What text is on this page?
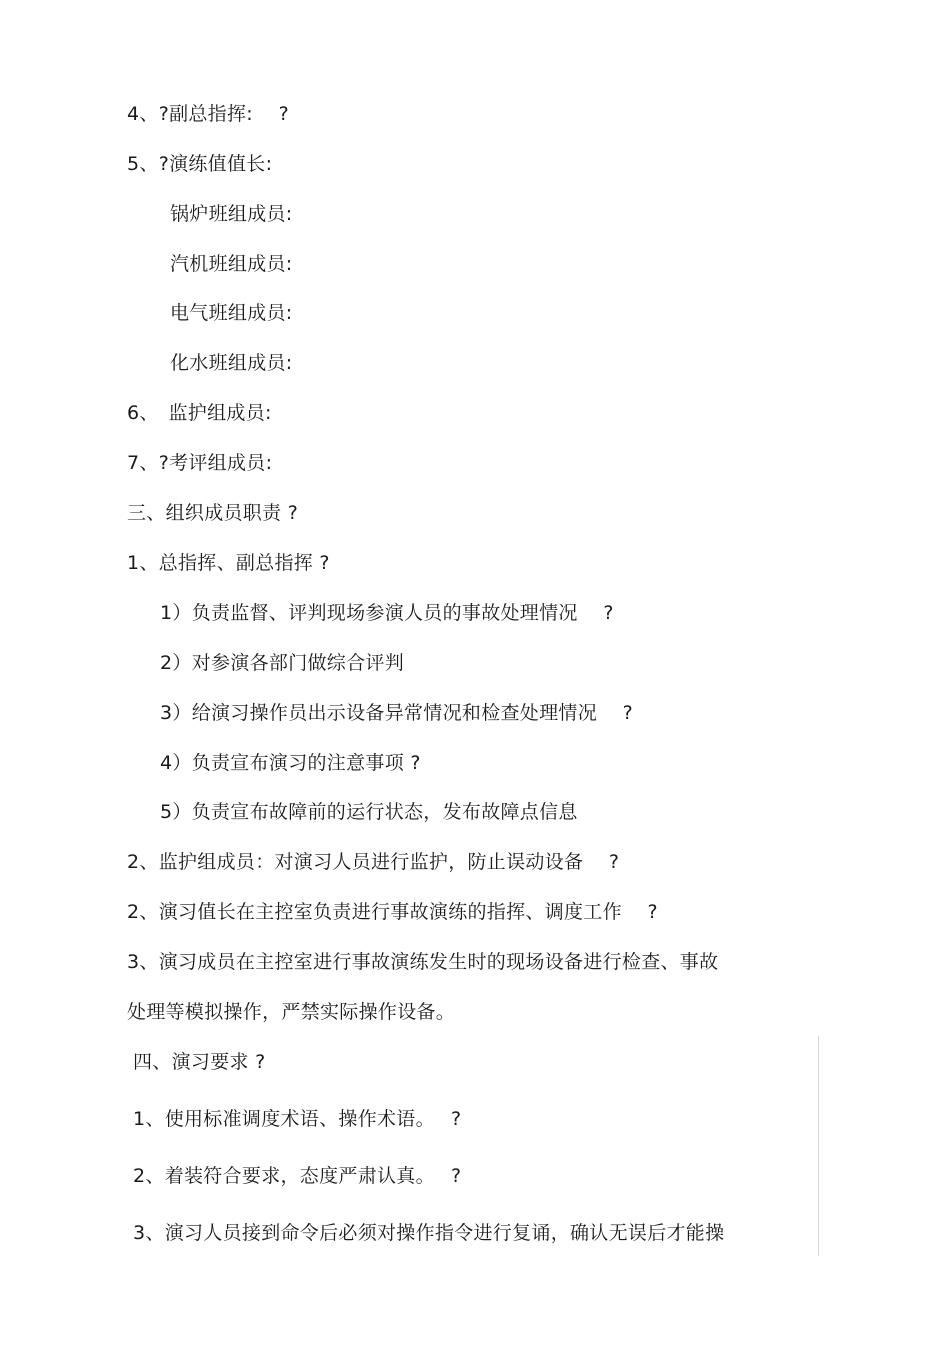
4、?副总指挥:　 ?
5、?演练值值长:
锅炉班组成员:
汽机班组成员:
电气班组成员:
化水班组成员:
6、　监护组成员:
7、?考评组成员:
三、组织成员职责 ?
1、总指挥、副总指挥 ?
1）负责监督、评判现场参演人员的事故处理情况　 ?
2）对参演各部门做综合评判
3）给演习操作员出示设备异常情况和检查处理情况　 ?
4）负责宣布演习的注意事项 ?
5）负责宣布故障前的运行状态，发布故障点信息
2、监护组成员：对演习人员进行监护，防止误动设备　 ?
2、演习值长在主控室负责进行事故演练的指挥、调度工作　 ?
3、演习成员在主控室进行事故演练发生时的现场设备进行检查、事故
处理等模拟操作，严禁实际操作设备。
四、演习要求 ?
1、使用标准调度术语、操作术语。　 ?
2、着装符合要求，态度严肃认真。　 ?
3、演习人员接到命令后必须对操作指令进行复诵，确认无误后才能操
